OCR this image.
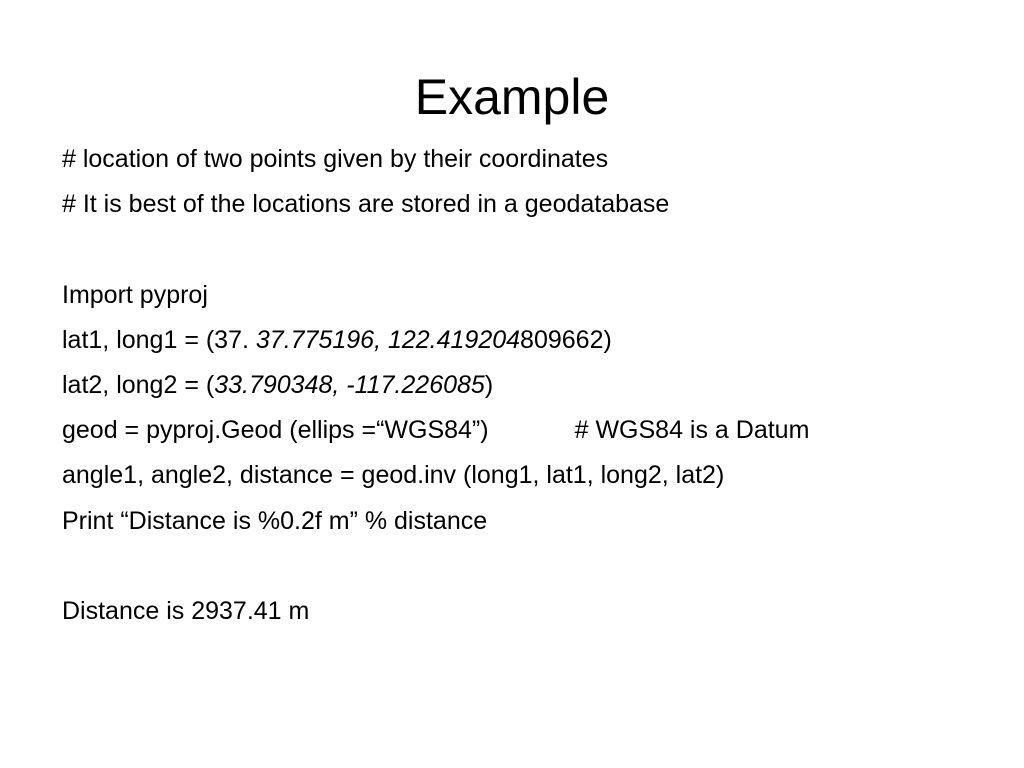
Example
# location of two points given by their coordinates
# It is best of the locations are stored in a geodatabase
Import pyproj
lat1, long1 = (37. 37.775196, 122.419204809662)
lat2, long2 = (33.790348, -117.226085)
geod = pyproj.Geod (ellips =“WGS84”)	# WGS84 is a Datum
angle1, angle2, distance = geod.inv (long1, lat1, long2, lat2)
Print “Distance is %0.2f m” % distance
Distance is 2937.41 m
